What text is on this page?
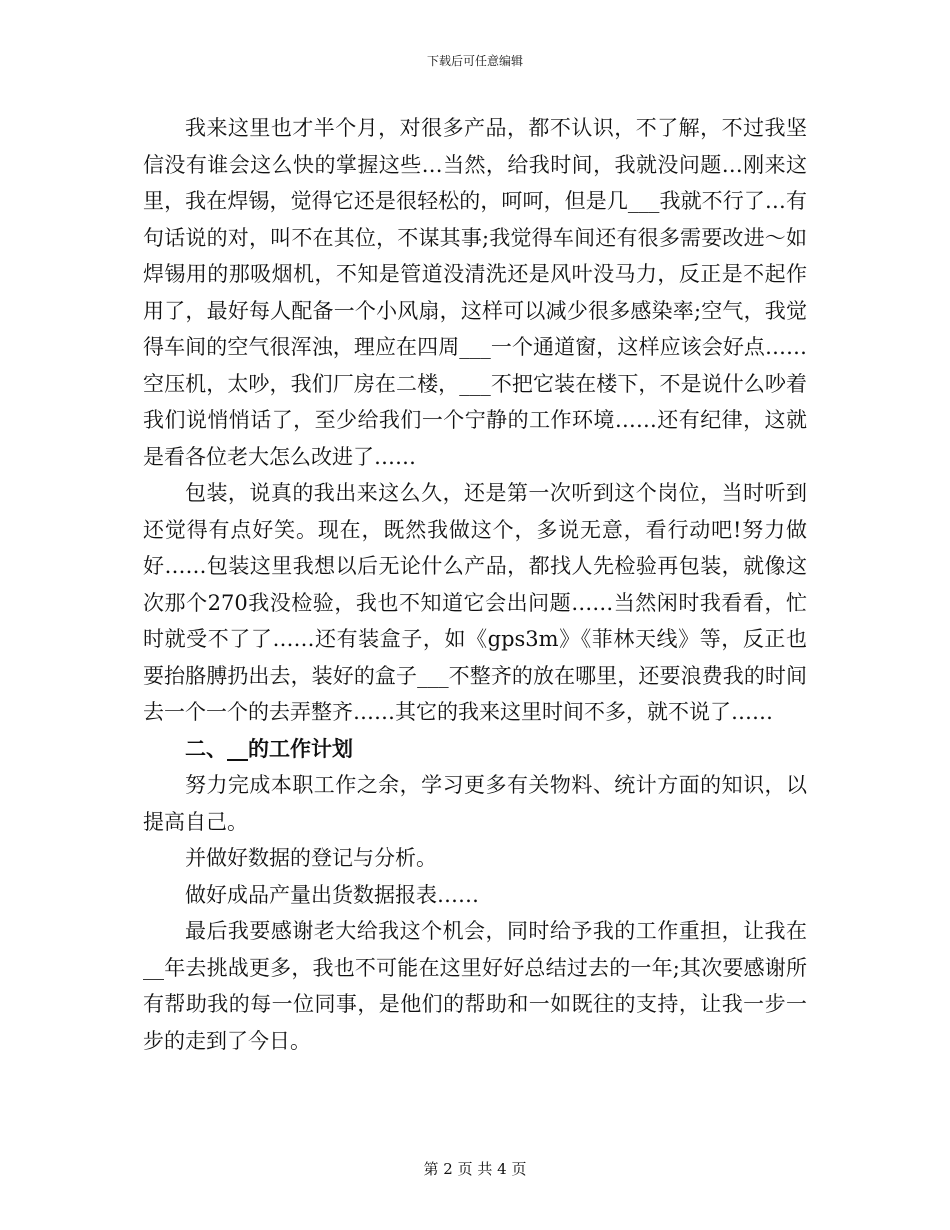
下载后可任意编辑

我来这里也才半个月，对很多产品，都不认识，不了解，不过我坚信没有谁会这么快的掌握这些…当然，给我时间，我就没问题…刚来这里，我在焊锡，觉得它还是很轻松的，呵呵，但是几___我就不行了…有句话说的对，叫不在其位，不谋其事;我觉得车间还有很多需要改进～如焊锡用的那吸烟机，不知是管道没清洗还是风叶没马力，反正是不起作用了，最好每人配备一个小风扇，这样可以减少很多感染率;空气，我觉得车间的空气很浑浊，理应在四周___一个通道窗，这样应该会好点……空压机，太吵，我们厂房在二楼，___不把它装在楼下，不是说什么吵着我们说悄悄话了，至少给我们一个宁静的工作环境……还有纪律，这就是看各位老大怎么改进了……

包装，说真的我出来这么久，还是第一次听到这个岗位，当时听到还觉得有点好笑。现在，既然我做这个，多说无意，看行动吧!努力做好……包装这里我想以后无论什么产品，都找人先检验再包装，就像这次那个270我没检验，我也不知道它会出问题……当然闲时我看看，忙时就受不了了……还有装盒子，如《gps3m》《菲林天线》等，反正也要抬胳膊扔出去，装好的盒子___不整齐的放在哪里，还要浪费我的时间去一个一个的去弄整齐……其它的我来这里时间不多，就不说了……

二、__的工作计划

努力完成本职工作之余，学习更多有关物料、统计方面的知识，以提高自己。

并做好数据的登记与分析。

做好成品产量出货数据报表……

最后我要感谢老大给我这个机会，同时给予我的工作重担，让我在__年去挑战更多，我也不可能在这里好好总结过去的一年;其次要感谢所有帮助我的每一位同事，是他们的帮助和一如既往的支持，让我一步一步的走到了今日。

第 2 页 共 4 页
